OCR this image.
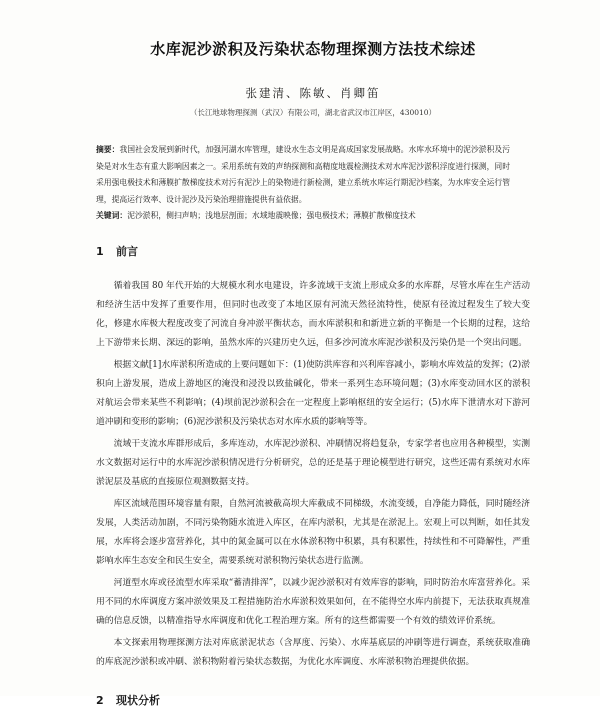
水库泥沙淤积及污染状态物理探测方法技术综述
张建清、陈敏、肖卿笛
（长江地球物理探测（武汉）有限公司，湖北省武汉市江岸区，430010）
摘要：我国社会发展到新时代，加强河湖水库管理，建设水生态文明是高成国家发展战略。水库水环境中的泥沙淤积及污染是对水生态有重大影响因素之一。采用系统有效的声纳探测和高精度地震检测技术对水库泥沙淤积浮度进行探测，同时采用强电极技术和薄膜扩散梯度技术对污有泥沙上的染物进行新检测，建立系统水库运行期泥沙档案，为水库安全运行管理，提高运行效率、设计泥沙及污染治理措施提供有益依据。
关键词：泥沙淤积，侧扫声呐；浅地层剖面；水域地震映像；强电极技术；薄膜扩散梯度技术
1 前言

循着我国 80 年代开始的大规模水利水电建设，许多流域干支流上形成众多的水库群，尽管水库在生产活动和经济生活中发挥了重要作用，但同时也改变了本地区原有河流天然径流特性，使原有径流过程发生了较大变化，修建水库极大程度改变了河流自身冲淤平衡状态，而水库淤积和和新进立新的平衡是一个长期的过程，这给上下游带来长期、深远的影响，虽然水库的兴建历史久远，但多沙河流水库泥沙淤积及污染仍是一个突出问题。

根据文献[1]水库淤积所造成的上要问题如下：(1)使防洪库容和兴利库容减小，影响水库效益的发挥；(2)淤积向上游发展，造成上游地区的淹没和浸没以致盐碱化，带来一系列生态环境问题；(3)水库变动回水区的淤积对航运会带来某些不利影响；(4)坝前泥沙淤积会在一定程度上影响枢纽的安全运行；(5)水库下泄清水对下游河道冲刷和变形的影响；(6)泥沙淤积及污染状态对水库水质的影响等等。

流域干支流水库群形成后，多库连动，水库泥沙淤积、冲刷情况将趋复杂，专家学者也应用各种模型，实测水文数据对运行中的水库泥沙淤积情况进行分析研究，总的还是基于理论模型进行研究，这些还需有系统对水库淤泥层及基底的直接原位观测数据支持。

库区流域范围环境容量有限，自然河流被截高坝大库截成不同梯级，水流变缓，自净能力降低，同时随经济发展，人类活动加剧，不同污染物随水流进入库区，在库内淤积，尤其是在淤泥上。宏观上可以判断，如任其发展，水库将会逐步富营养化，其中的氮金属可以在水体淤积物中积累，具有积累性，持续性和不可降解性，严重影响水库生态安全和民生安全，需要系统对淤积物污染状态进行监测。

河道型水库或径流型水库采取“蓄清排浑”，以减少泥沙淤积对有效库容的影响，同时防治水库富营养化。采用不同的水库调度方案冲淤效果及工程措施防治水库淤积效果如何，在不能得空水库内前提下，无法获取真规准确的信息反馈，以精准指导水库调度和优化工程治理方案。所有的这些都需要一个有效的绩效评价系统。

本文探索用物理探测方法对库底淤泥状态（含厚度、污染）、水库基底层的冲刷等进行调查，系统获取准确的库底泥沙淤积或冲刷、淤积物附着污染状态数据，为优化水库调度、水库淤积物治理提供依据。

2 现状分析
